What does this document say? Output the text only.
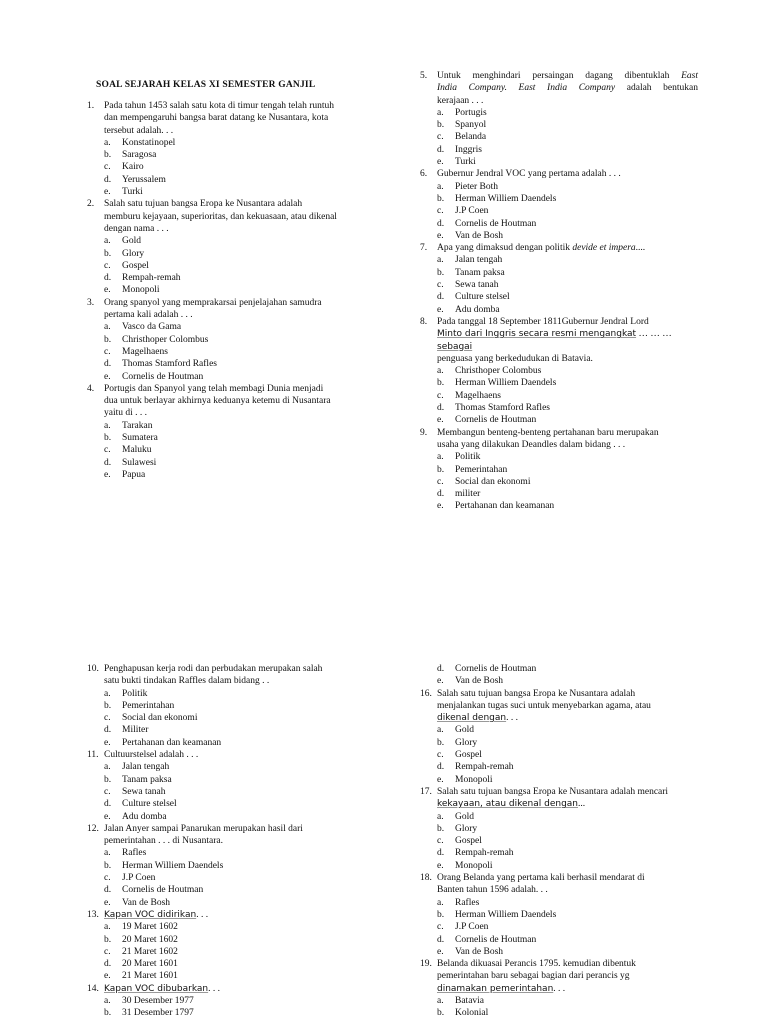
SOAL SEJARAH KELAS XI SEMESTER GANJIL
1. Pada tahun 1453 salah satu kota di timur tengah telah runtuh
dan mempengaruhi bangsa barat datang ke Nusantara, kota
tersebut adalah. . .
a. Konstatinopel
b. Saragosa
c. Kairo
d. Yerussalem
e. Turki
2. Salah satu tujuan bangsa Eropa ke Nusantara adalah
memburu kejayaan, superioritas, dan kekuasaan, atau dikenal
dengan nama . . .
a. Gold
b. Glory
c. Gospel
d. Rempah-remah
e. Monopoli
3. Orang spanyol yang memprakarsai penjelajahan samudra
pertama kali adalah . . .
a. Vasco da Gama
b. Christhoper Colombus
c. Magelhaens
d. Thomas Stamford Rafles
e. Cornelis de Houtman
4. Portugis dan Spanyol yang telah membagi Dunia menjadi
dua untuk berlayar akhirnya keduanya ketemu di Nusantara
yaitu di . . .
a. Tarakan
b. Sumatera
c. Maluku
d. Sulawesi
e. Papua
5. Untuk menghindari persaingan dagang dibentuklah East
India Company. East India Company adalah bentukan
kerajaan . . .
a. Portugis
b. Spanyol
c. Belanda
d. Inggris
e. Turki
6. Gubernur Jendral VOC yang pertama adalah . . .
a. Pieter Both
b. Herman Williem Daendels
c. J.P Coen
d. Cornelis de Houtman
e. Van de Bosh
7. Apa yang dimaksud dengan politik devide et impera....
a. Jalan tengah
b. Tanam paksa
c. Sewa tanah
d. Culture stelsel
e. Adu domba
8. Pada tanggal 18 September 1811Gubernur Jendral Lord
Minto dari Inggris secara resmi mengangkat … … … sebagai
penguasa yang berkedudukan di Batavia.
a. Christhoper Colombus
b. Herman Williem Daendels
c. Magelhaens
d. Thomas Stamford Rafles
e. Cornelis de Houtman
9. Membangun benteng-benteng pertahanan baru merupakan
usaha yang dilakukan Deandles dalam bidang . . .
a. Politik
b. Pemerintahan
c. Social dan ekonomi
d. militer
e. Pertahanan dan keamanan
10. Penghapusan kerja rodi dan perbudakan merupakan salah
satu bukti tindakan Raffles dalam bidang . .
a. Politik
b. Pemerintahan
c. Social dan ekonomi
d. Militer
e. Pertahanan dan keamanan
11. Cultuurstelsel adalah . . .
a. Jalan tengah
b. Tanam paksa
c. Sewa tanah
d. Culture stelsel
e. Adu domba
12. Jalan Anyer sampai Panarukan merupakan hasil dari
pemerintahan . . . di Nusantara.
a. Rafles
b. Herman Williem Daendels
c. J.P Coen
d. Cornelis de Houtman
e. Van de Bosh
13. Kapan VOC didirikan. . .
a. 19 Maret 1602
b. 20 Maret 1602
c. 21 Maret 1602
d. 20 Maret 1601
e. 21 Maret 1601
14. Kapan VOC dibubarkan. . .
a. 30 Desember 1977
b. 31 Desember 1797
d. Cornelis de Houtman
e. Van de Bosh
16. Salah satu tujuan bangsa Eropa ke Nusantara adalah
menjalankan tugas suci untuk menyebarkan agama, atau
dikenal dengan. . .
a. Gold
b. Glory
c. Gospel
d. Rempah-remah
e. Monopoli
17. Salah satu tujuan bangsa Eropa ke Nusantara adalah mencari
kekayaan, atau dikenal dengan...
a. Gold
b. Glory
c. Gospel
d. Rempah-remah
e. Monopoli
18. Orang Belanda yang pertama kali berhasil mendarat di
Banten tahun 1596 adalah. . .
a. Rafles
b. Herman Williem Daendels
c. J.P Coen
d. Cornelis de Houtman
e. Van de Bosh
19. Belanda dikuasai Perancis 1795. kemudian dibentuk
pemerintahan baru sebagai bagian dari perancis yg
dinamakan pemerintahan. . .
a. Batavia
b. Kolonial
